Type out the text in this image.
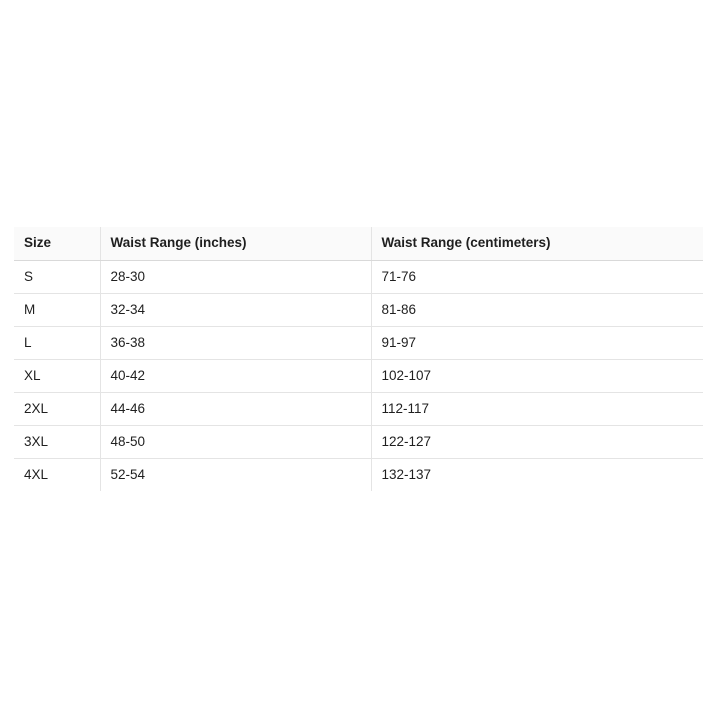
Size	Waist Range (inches)	Waist Range (centimeters)
S	28-30	71-76
M	32-34	81-86
L	36-38	91-97
XL	40-42	102-107
2XL	44-46	112-117
3XL	48-50	122-127
4XL	52-54	132-137
